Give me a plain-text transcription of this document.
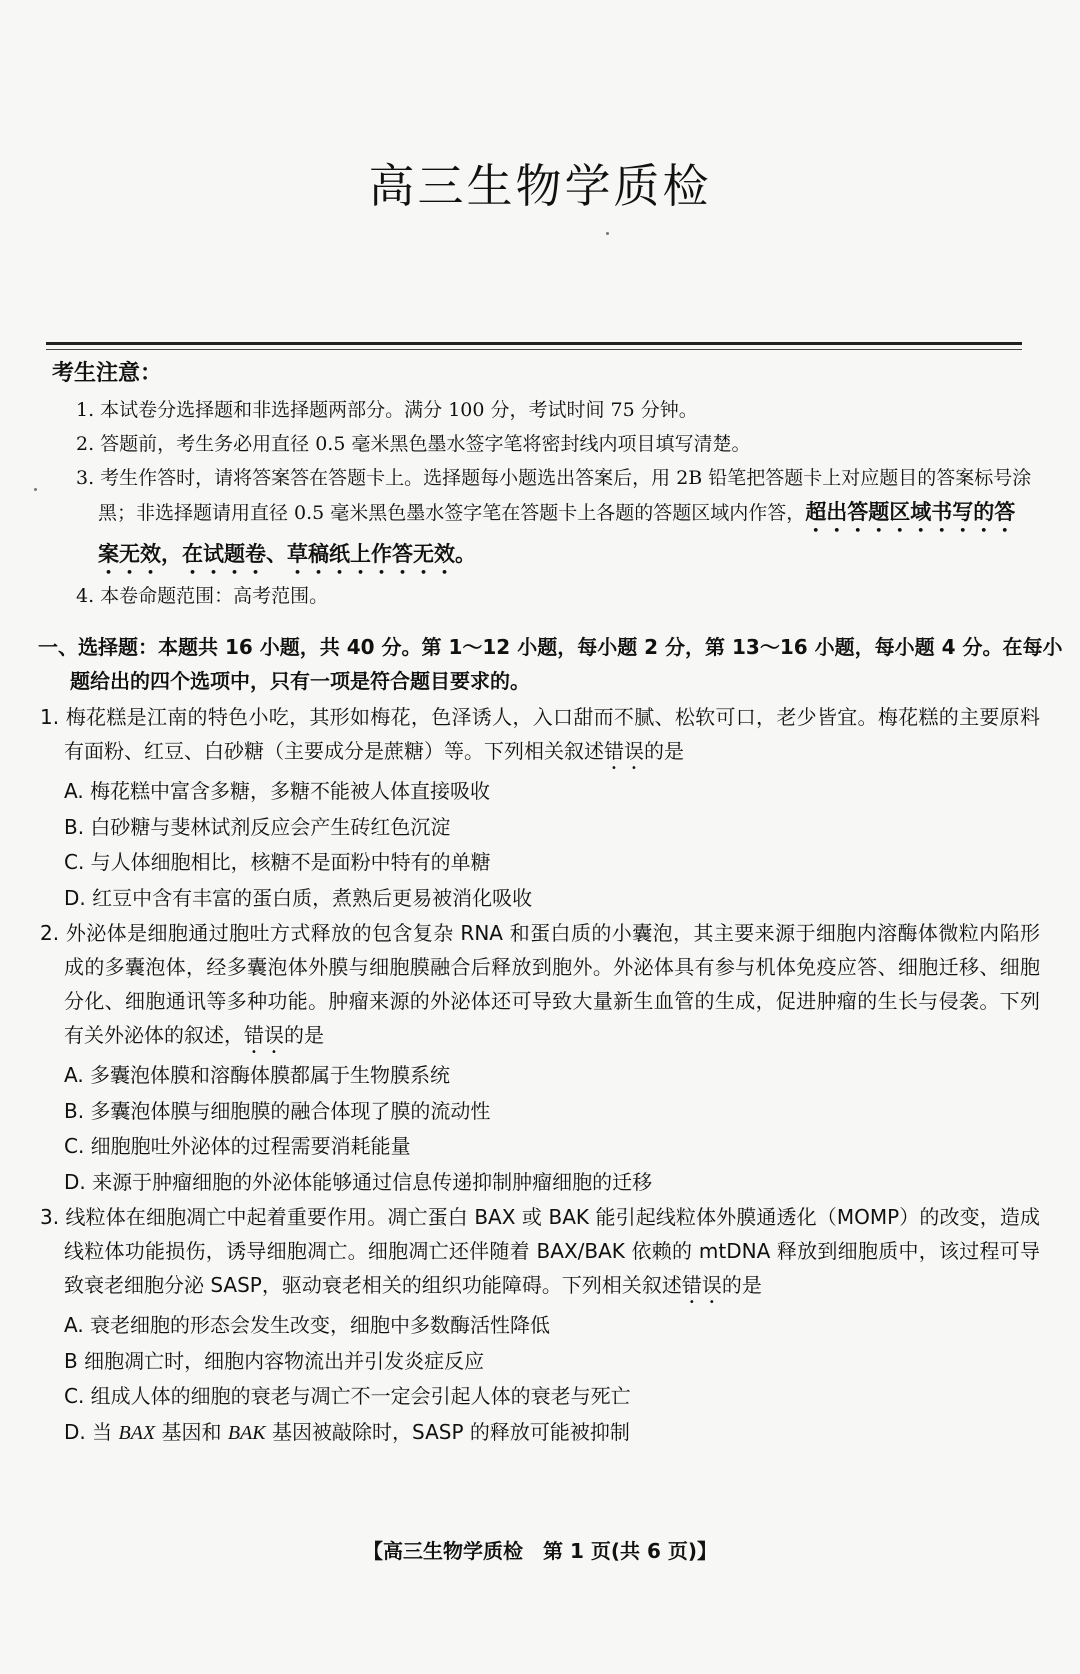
高三生物学质检
考生注意：
1. 本试卷分选择题和非选择题两部分。满分 100 分，考试时间 75 分钟。
2. 答题前，考生务必用直径 0.5 毫米黑色墨水签字笔将密封线内项目填写清楚。
3. 考生作答时，请将答案答在答题卡上。选择题每小题选出答案后，用 2B 铅笔把答题卡上对应题目的答案标号涂黑；非选择题请用直径 0.5 毫米黑色墨水签字笔在答题卡上各题的答题区域内作答，超出答题区域书写的答案无效，在试题卷、草稿纸上作答无效。
4. 本卷命题范围：高考范围。
一、选择题：本题共 16 小题，共 40 分。第 1～12 小题，每小题 2 分，第 13～16 小题，每小题 4 分。在每小题给出的四个选项中，只有一项是符合题目要求的。
1. 梅花糕是江南的特色小吃，其形如梅花，色泽诱人，入口甜而不腻、松软可口，老少皆宜。梅花糕的主要原料有面粉、红豆、白砂糖（主要成分是蔗糖）等。下列相关叙述错误的是
A. 梅花糕中富含多糖，多糖不能被人体直接吸收
B. 白砂糖与斐林试剂反应会产生砖红色沉淀
C. 与人体细胞相比，核糖不是面粉中特有的单糖
D. 红豆中含有丰富的蛋白质，煮熟后更易被消化吸收
2. 外泌体是细胞通过胞吐方式释放的包含复杂 RNA 和蛋白质的小囊泡，其主要来源于细胞内溶酶体微粒内陷形成的多囊泡体，经多囊泡体外膜与细胞膜融合后释放到胞外。外泌体具有参与机体免疫应答、细胞迁移、细胞分化、细胞通讯等多种功能。肿瘤来源的外泌体还可导致大量新生血管的生成，促进肿瘤的生长与侵袭。下列有关外泌体的叙述，错误的是
A. 多囊泡体膜和溶酶体膜都属于生物膜系统
B. 多囊泡体膜与细胞膜的融合体现了膜的流动性
C. 细胞胞吐外泌体的过程需要消耗能量
D. 来源于肿瘤细胞的外泌体能够通过信息传递抑制肿瘤细胞的迁移
3. 线粒体在细胞凋亡中起着重要作用。凋亡蛋白 BAX 或 BAK 能引起线粒体外膜通透化（MOMP）的改变，造成线粒体功能损伤，诱导细胞凋亡。细胞凋亡还伴随着 BAX/BAK 依赖的 mtDNA 释放到细胞质中，该过程可导致衰老细胞分泌 SASP，驱动衰老相关的组织功能障碍。下列相关叙述错误的是
A. 衰老细胞的形态会发生改变，细胞中多数酶活性降低
B 细胞凋亡时，细胞内容物流出并引发炎症反应
C. 组成人体的细胞的衰老与凋亡不一定会引起人体的衰老与死亡
D. 当 BAX 基因和 BAK 基因被敲除时，SASP 的释放可能被抑制
【高三生物学质检　第 1 页(共 6 页)】
